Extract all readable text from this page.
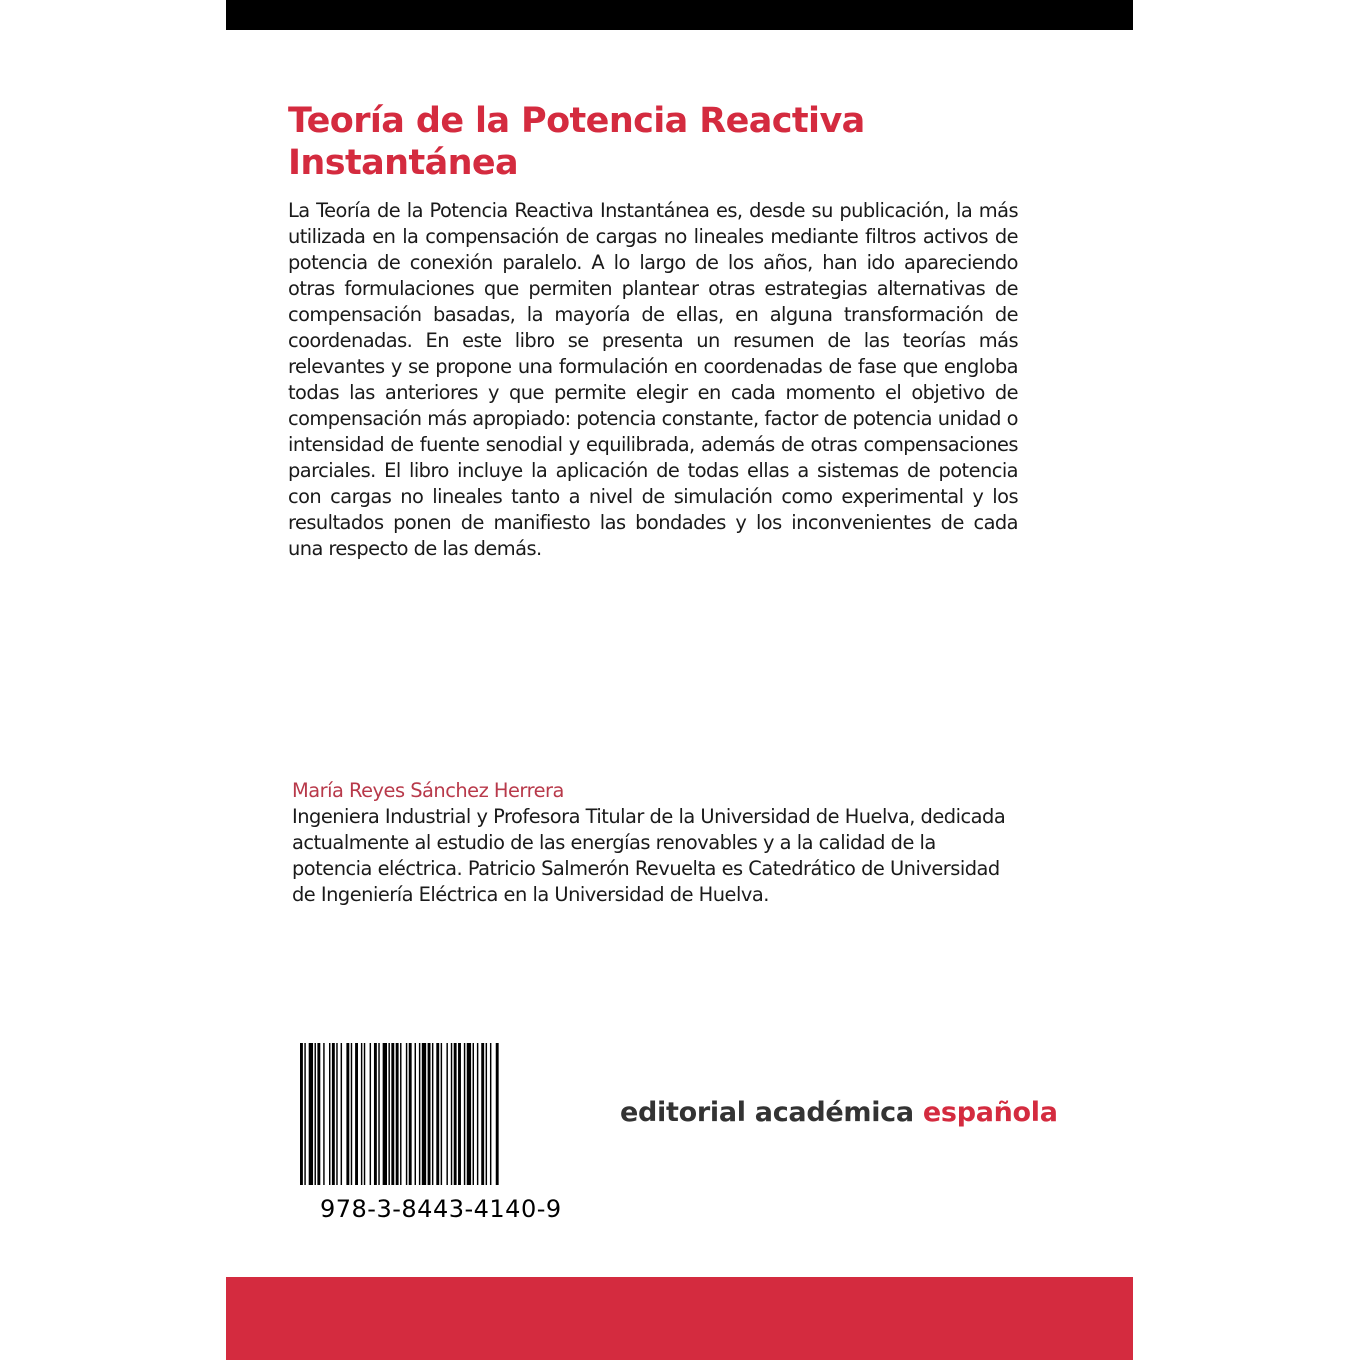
Teoría de la Potencia Reactiva Instantánea

La Teoría de la Potencia Reactiva Instantánea es, desde su publicación, la más utilizada en la compensación de cargas no lineales mediante filtros activos de potencia de conexión paralelo. A lo largo de los años, han ido apareciendo otras formulaciones que permiten plantear otras estrategias alternativas de compensación basadas, la mayoría de ellas, en alguna transformación de coordenadas. En este libro se presenta un resumen de las teorías más relevantes y se propone una formulación en coordenadas de fase que engloba todas las anteriores y que permite elegir en cada momento el objetivo de compensación más apropiado: potencia constante, factor de potencia unidad o intensidad de fuente senodial y equilibrada, además de otras compensaciones parciales. El libro incluye la aplicación de todas ellas a sistemas de potencia con cargas no lineales tanto a nivel de simulación como experimental y los resultados ponen de manifiesto las bondades y los inconvenientes de cada una respecto de las demás.

María Reyes Sánchez Herrera

Ingeniera Industrial y Profesora Titular de la Universidad de Huelva, dedicada actualmente al estudio de las energías renovables y a la calidad de la potencia eléctrica. Patricio Salmerón Revuelta es Catedrático de Universidad de Ingeniería Eléctrica en la Universidad de Huelva.

978-3-8443-4140-9
editorial académica española
